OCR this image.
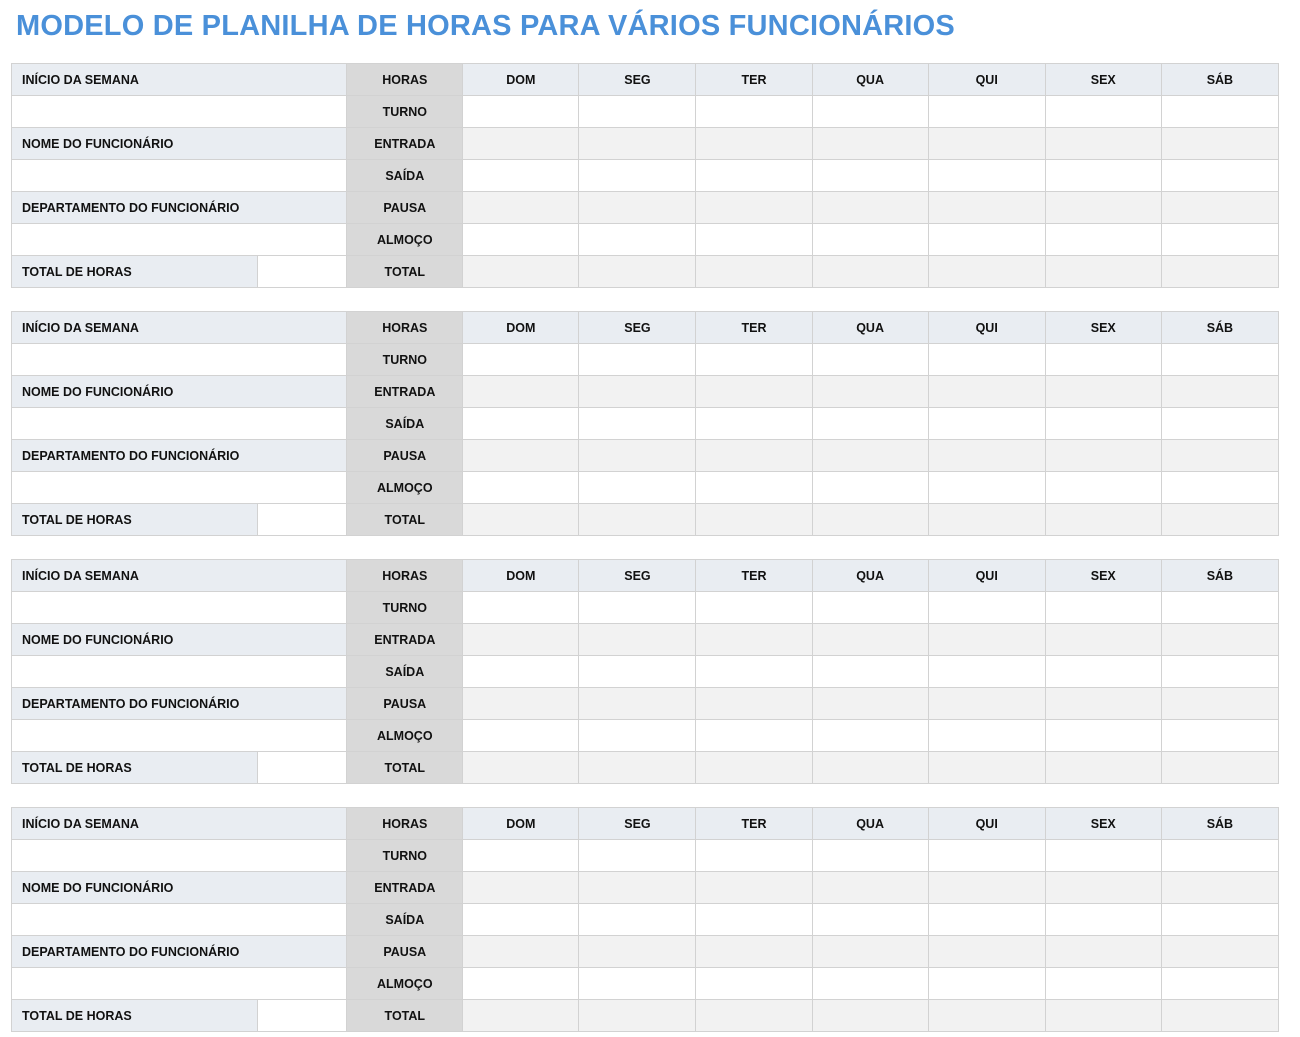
MODELO DE PLANILHA DE HORAS PARA VÁRIOS FUNCIONÁRIOS
INÍCIO DA SEMANA		HORAS	DOM	SEG	TER	QUA	QUI	SEX	SÁB
		TURNO							
NOME DO FUNCIONÁRIO		ENTRADA							
		SAÍDA							
DEPARTAMENTO DO FUNCIONÁRIO		PAUSA							
		ALMOÇO							
TOTAL DE HORAS		TOTAL							
INÍCIO DA SEMANA		HORAS	DOM	SEG	TER	QUA	QUI	SEX	SÁB
		TURNO							
NOME DO FUNCIONÁRIO		ENTRADA							
		SAÍDA							
DEPARTAMENTO DO FUNCIONÁRIO		PAUSA							
		ALMOÇO							
TOTAL DE HORAS		TOTAL							
INÍCIO DA SEMANA		HORAS	DOM	SEG	TER	QUA	QUI	SEX	SÁB
		TURNO							
NOME DO FUNCIONÁRIO		ENTRADA							
		SAÍDA							
DEPARTAMENTO DO FUNCIONÁRIO		PAUSA							
		ALMOÇO							
TOTAL DE HORAS		TOTAL							
INÍCIO DA SEMANA		HORAS	DOM	SEG	TER	QUA	QUI	SEX	SÁB
		TURNO							
NOME DO FUNCIONÁRIO		ENTRADA							
		SAÍDA							
DEPARTAMENTO DO FUNCIONÁRIO		PAUSA							
		ALMOÇO							
TOTAL DE HORAS		TOTAL							
